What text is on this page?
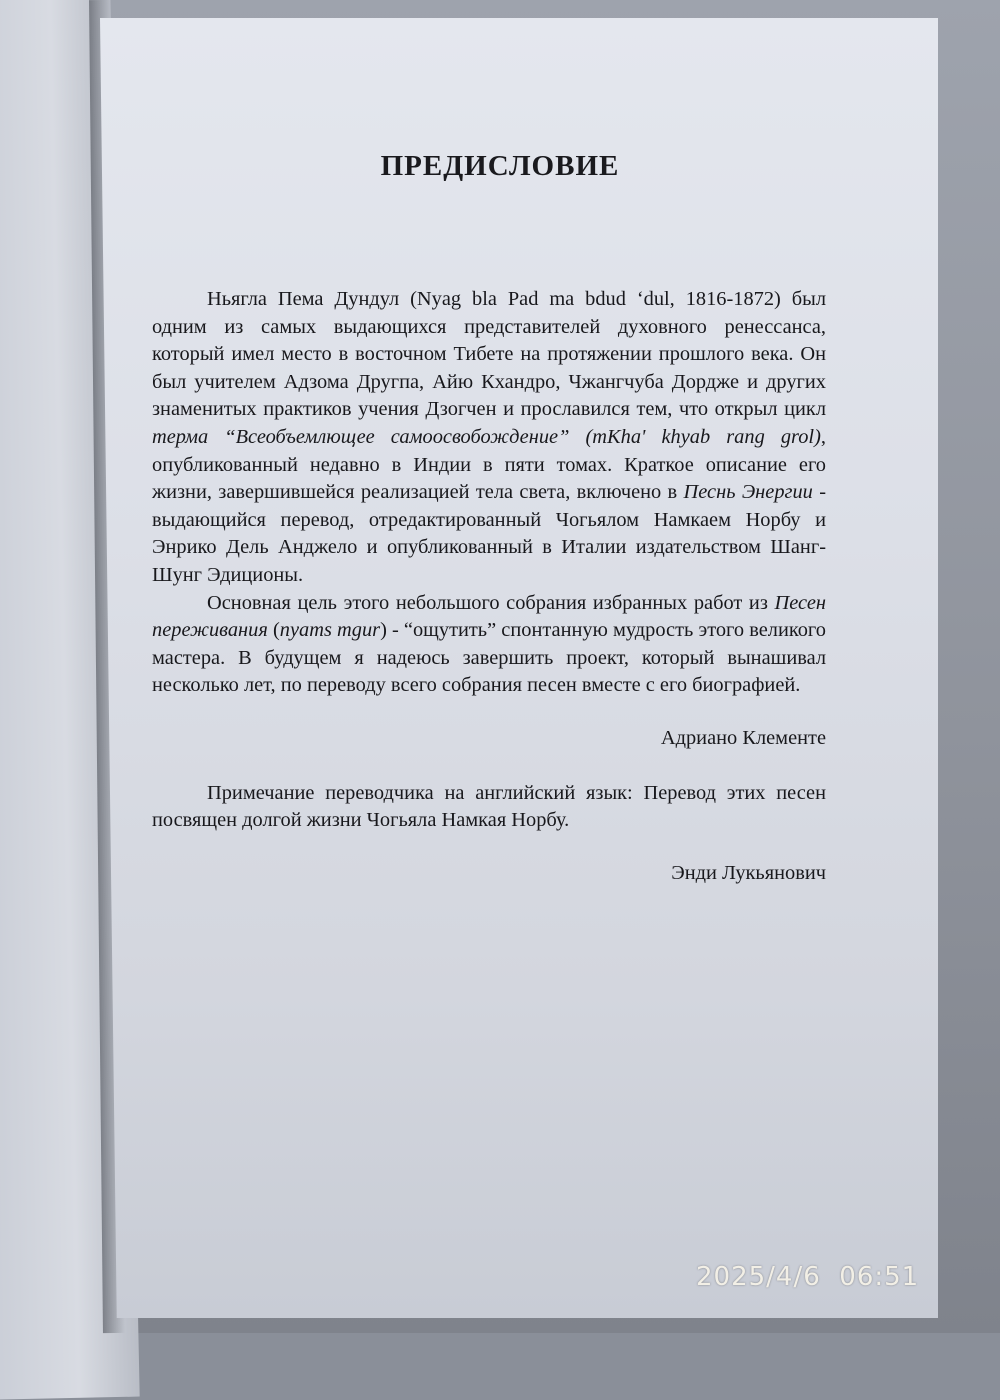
ПРЕДИСЛОВИЕ

Ньягла Пема Дундул (Nyag bla Pad ma bdud ‘dul, 1816-1872) был одним из самых выдающихся представителей духовного ренессанса, который имел место в восточном Тибете на протяжении прошлого века. Он был учителем Адзома Другпа, Айю Кхандро, Чжангчуба Дордже и других знаменитых практиков учения Дзогчен и прославился тем, что открыл цикл терма “Всеобъемлющее самоосвобождение” (mKha' khyab rang grol), опубликованный недавно в Индии в пяти томах. Краткое описание его жизни, завершившейся реализацией тела света, включено в Песнь Энергии - выдающийся перевод, отредактированный Чогьялом Намкаем Норбу и Энрико Дель Анджело и опубликованный в Италии издательством Шанг-Шунг Эдиционы.

Основная цель этого небольшого собрания избранных работ из Песен переживания (nyams mgur) - “ощутить” спонтанную мудрость этого великого мастера. В будущем я надеюсь завершить проект, который вынашивал несколько лет, по переводу всего собрания песен вместе с его биографией.

Адриано Клементе

Примечание переводчика на английский язык: Перевод этих песен посвящен долгой жизни Чогьяла Намкая Норбу.

Энди Лукьянович

2025/4/6  06:51
